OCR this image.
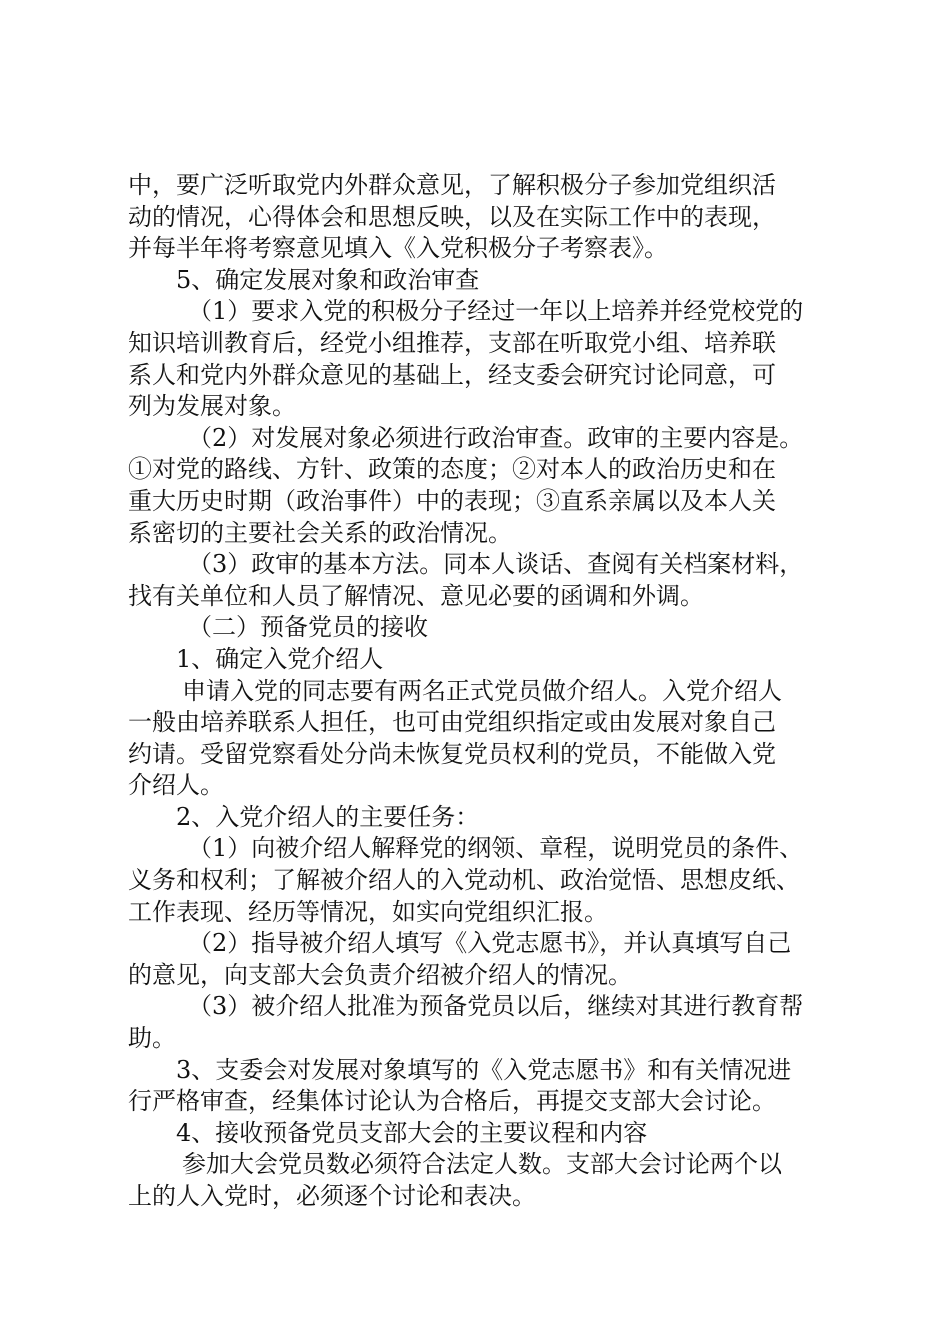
中，要广泛听取党内外群众意见，了解积极分子参加党组织活

动的情况，心得体会和思想反映，以及在实际工作中的表现，

并每半年将考察意见填入《入党积极分子考察表》。

5、确定发展对象和政治审查

（1）要求入党的积极分子经过一年以上培养并经党校党的

知识培训教育后，经党小组推荐，支部在听取党小组、培养联

系人和党内外群众意见的基础上，经支委会研究讨论同意，可

列为发展对象。

（2）对发展对象必须进行政治审查。政审的主要内容是。

①对党的路线、方针、政策的态度；②对本人的政治历史和在

重大历史时期（政治事件）中的表现；③直系亲属以及本人关

系密切的主要社会关系的政治情况。

（3）政审的基本方法。同本人谈话、查阅有关档案材料，

找有关单位和人员了解情况、意见必要的函调和外调。

（二）预备党员的接收

1、确定入党介绍人

申请入党的同志要有两名正式党员做介绍人。入党介绍人

一般由培养联系人担任，也可由党组织指定或由发展对象自己

约请。受留党察看处分尚未恢复党员权利的党员，不能做入党

介绍人。

2、入党介绍人的主要任务：

（1）向被介绍人解释党的纲领、章程，说明党员的条件、

义务和权利；了解被介绍人的入党动机、政治觉悟、思想皮纸、

工作表现、经历等情况，如实向党组织汇报。

（2）指导被介绍人填写《入党志愿书》，并认真填写自己

的意见，向支部大会负责介绍被介绍人的情况。

（3）被介绍人批准为预备党员以后，继续对其进行教育帮

助。

3、支委会对发展对象填写的《入党志愿书》和有关情况进

行严格审查，经集体讨论认为合格后，再提交支部大会讨论。

4、接收预备党员支部大会的主要议程和内容

参加大会党员数必须符合法定人数。支部大会讨论两个以

上的人入党时，必须逐个讨论和表决。
